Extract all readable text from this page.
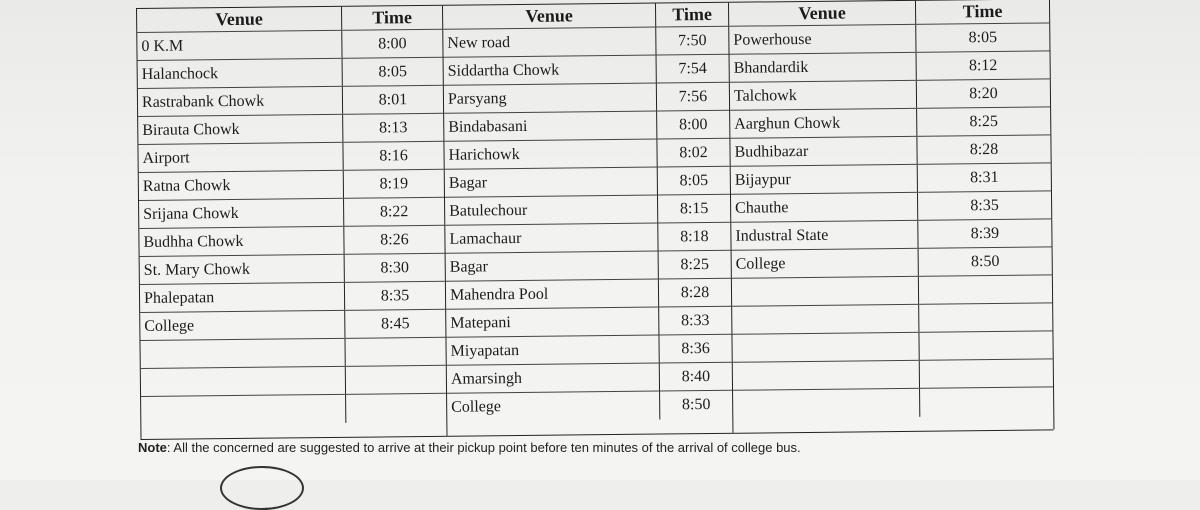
Venue	Time
0 K.M	8:00
Halanchock	8:05
Rastrabank Chowk	8:01
Birauta Chowk	8:13
Airport	8:16
Ratna Chowk	8:19
Srijana Chowk	8:22
Budhha Chowk	8:26
St. Mary Chowk	8:30
Phalepatan	8:35
College	8:45
Venue	Time
New road	7:50
Siddartha Chowk	7:54
Parsyang	7:56
Bindabasani	8:00
Harichowk	8:02
Bagar	8:05
Batulechour	8:15
Lamachaur	8:18
Bagar	8:25
Mahendra Pool	8:28
Matepani	8:33
Miyapatan	8:36
Amarsingh	8:40
College	8:50
Venue	Time
Powerhouse	8:05
Bhandardik	8:12
Talchowk	8:20
Aarghun Chowk	8:25
Budhibazar	8:28
Bijaypur	8:31
Chauthe	8:35
Industral State	8:39
College	8:50
Note: All the concerned are suggested to arrive at their pickup point before ten minutes of the arrival of college bus.
